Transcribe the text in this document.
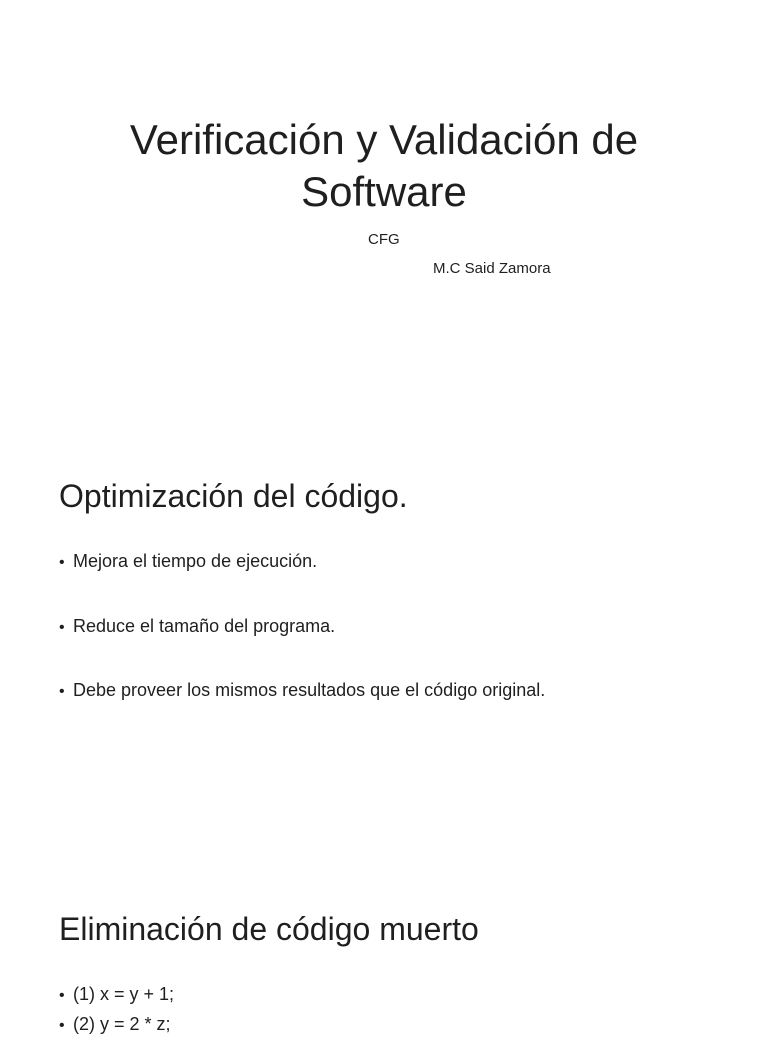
Verificación y Validación de
Software
CFG
M.C Said Zamora
Optimización del código.
• Mejora el tiempo de ejecución.
• Reduce el tamaño del programa.
• Debe proveer los mismos resultados que el código original.
Eliminación de código muerto
• (1) x = y + 1;
• (2) y = 2 * z;
